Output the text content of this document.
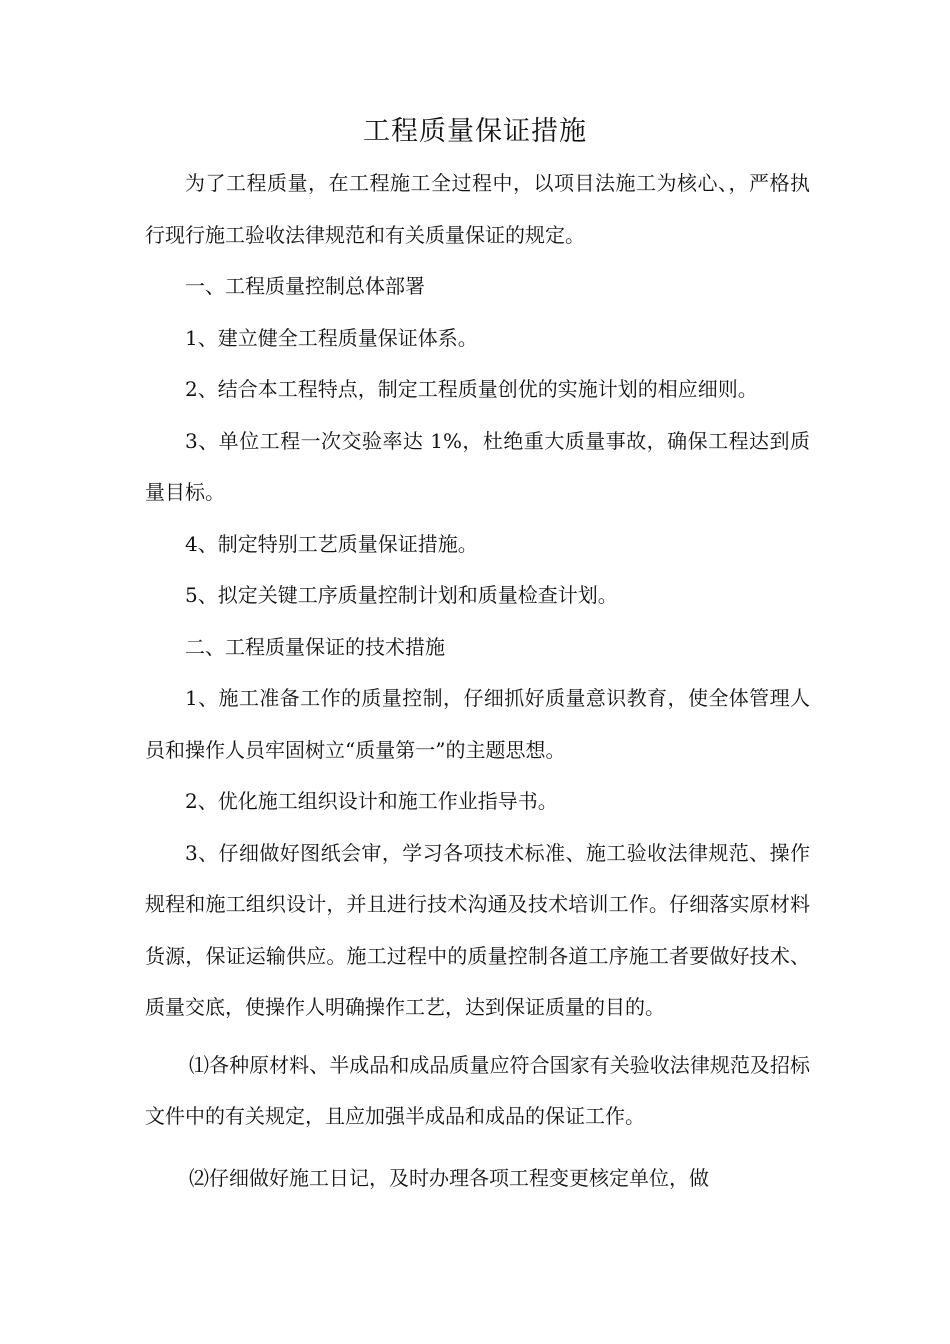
工程质量保证措施

为了工程质量，在工程施工全过程中，以项目法施工为核心、，严格执行现行施工验收法律规范和有关质量保证的规定。

一、工程质量控制总体部署

1、建立健全工程质量保证体系。

2、结合本工程特点，制定工程质量创优的实施计划的相应细则。

3、单位工程一次交验率达 1%，杜绝重大质量事故，确保工程达到质量目标。

4、制定特别工艺质量保证措施。

5、拟定关键工序质量控制计划和质量检查计划。

二、工程质量保证的技术措施

1、施工准备工作的质量控制，仔细抓好质量意识教育，使全体管理人员和操作人员牢固树立“质量第一”的主题思想。

2、优化施工组织设计和施工作业指导书。

3、仔细做好图纸会审，学习各项技术标准、施工验收法律规范、操作规程和施工组织设计，并且进行技术沟通及技术培训工作。仔细落实原材料货源，保证运输供应。施工过程中的质量控制各道工序施工者要做好技术、质量交底，使操作人明确操作工艺，达到保证质量的目的。

⑴各种原材料、半成品和成品质量应符合国家有关验收法律规范及招标文件中的有关规定，且应加强半成品和成品的保证工作。

⑵仔细做好施工日记，及时办理各项工程变更核定单位，做
